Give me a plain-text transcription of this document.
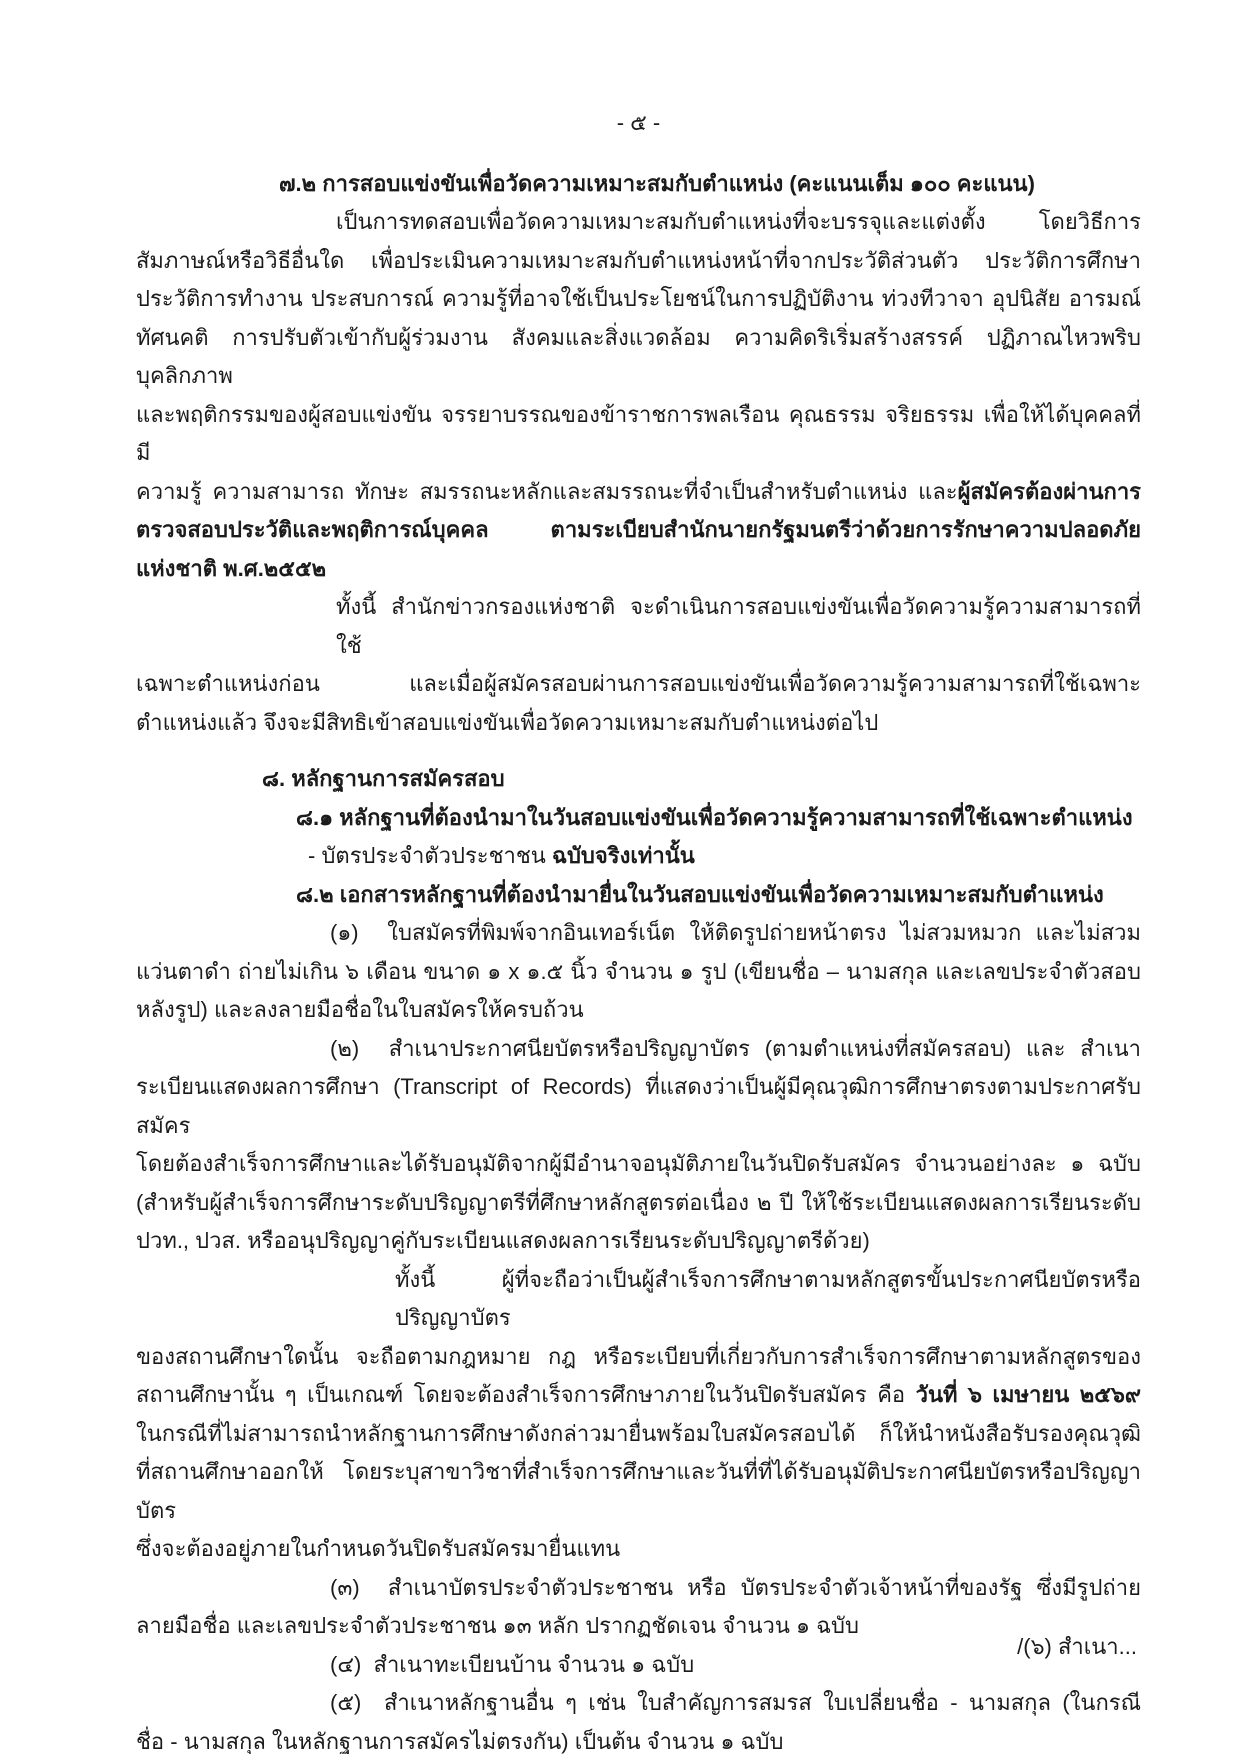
- ๕ -
๗.๒ การสอบแข่งขันเพื่อวัดความเหมาะสมกับตำแหน่ง (คะแนนเต็ม ๑๐๐ คะแนน)
เป็นการทดสอบเพื่อวัดความเหมาะสมกับตำแหน่งที่จะบรรจุและแต่งตั้ง โดยวิธีการ
สัมภาษณ์หรือวิธีอื่นใด เพื่อประเมินความเหมาะสมกับตำแหน่งหน้าที่จากประวัติส่วนตัว ประวัติการศึกษา
ประวัติการทำงาน ประสบการณ์ ความรู้ที่อาจใช้เป็นประโยชน์ในการปฏิบัติงาน ท่วงทีวาจา อุปนิสัย อารมณ์
ทัศนคติ การปรับตัวเข้ากับผู้ร่วมงาน สังคมและสิ่งแวดล้อม ความคิดริเริ่มสร้างสรรค์ ปฏิภาณไหวพริบ บุคลิกภาพ
และพฤติกรรมของผู้สอบแข่งขัน จรรยาบรรณของข้าราชการพลเรือน คุณธรรม จริยธรรม เพื่อให้ได้บุคคลที่มี
ความรู้ ความสามารถ ทักษะ สมรรถนะหลักและสมรรถนะที่จำเป็นสำหรับตำแหน่ง และผู้สมัครต้องผ่านการ
ตรวจสอบประวัติและพฤติการณ์บุคคล ตามระเบียบสำนักนายกรัฐมนตรีว่าด้วยการรักษาความปลอดภัย
แห่งชาติ พ.ศ.๒๕๕๒
ทั้งนี้ สำนักข่าวกรองแห่งชาติ จะดำเนินการสอบแข่งขันเพื่อวัดความรู้ความสามารถที่ใช้
เฉพาะตำแหน่งก่อน และเมื่อผู้สมัครสอบผ่านการสอบแข่งขันเพื่อวัดความรู้ความสามารถที่ใช้เฉพาะ
ตำแหน่งแล้ว จึงจะมีสิทธิเข้าสอบแข่งขันเพื่อวัดความเหมาะสมกับตำแหน่งต่อไป
๘. หลักฐานการสมัครสอบ
๘.๑ หลักฐานที่ต้องนำมาในวันสอบแข่งขันเพื่อวัดความรู้ความสามารถที่ใช้เฉพาะตำแหน่ง
- บัตรประจำตัวประชาชน ฉบับจริงเท่านั้น
๘.๒ เอกสารหลักฐานที่ต้องนำมายื่นในวันสอบแข่งขันเพื่อวัดความเหมาะสมกับตำแหน่ง
(๑)  ใบสมัครที่พิมพ์จากอินเทอร์เน็ต ให้ติดรูปถ่ายหน้าตรง ไม่สวมหมวก และไม่สวม
แว่นตาดำ ถ่ายไม่เกิน ๖ เดือน ขนาด ๑ x ๑.๕ นิ้ว จำนวน ๑ รูป (เขียนชื่อ – นามสกุล และเลขประจำตัวสอบ
หลังรูป) และลงลายมือชื่อในใบสมัครให้ครบถ้วน
(๒)  สำเนาประกาศนียบัตรหรือปริญญาบัตร (ตามตำแหน่งที่สมัครสอบ) และ สำเนา
ระเบียนแสดงผลการศึกษา (Transcript of Records) ที่แสดงว่าเป็นผู้มีคุณวุฒิการศึกษาตรงตามประกาศรับสมัคร
โดยต้องสำเร็จการศึกษาและได้รับอนุมัติจากผู้มีอำนาจอนุมัติภายในวันปิดรับสมัคร จำนวนอย่างละ ๑ ฉบับ
(สำหรับผู้สำเร็จการศึกษาระดับปริญญาตรีที่ศึกษาหลักสูตรต่อเนื่อง ๒ ปี ให้ใช้ระเบียนแสดงผลการเรียนระดับ
ปวท., ปวส. หรืออนุปริญญาคู่กับระเบียนแสดงผลการเรียนระดับปริญญาตรีด้วย)
ทั้งนี้ ผู้ที่จะถือว่าเป็นผู้สำเร็จการศึกษาตามหลักสูตรขั้นประกาศนียบัตรหรือปริญญาบัตร
ของสถานศึกษาใดนั้น จะถือตามกฎหมาย กฎ หรือระเบียบที่เกี่ยวกับการสำเร็จการศึกษาตามหลักสูตรของ
สถานศึกษานั้น ๆ เป็นเกณฑ์ โดยจะต้องสำเร็จการศึกษาภายในวันปิดรับสมัคร คือ วันที่ ๖ เมษายน ๒๕๖๙
ในกรณีที่ไม่สามารถนำหลักฐานการศึกษาดังกล่าวมายื่นพร้อมใบสมัครสอบได้ ก็ให้นำหนังสือรับรองคุณวุฒิ
ที่สถานศึกษาออกให้ โดยระบุสาขาวิชาที่สำเร็จการศึกษาและวันที่ที่ได้รับอนุมัติประกาศนียบัตรหรือปริญญาบัตร
ซึ่งจะต้องอยู่ภายในกำหนดวันปิดรับสมัครมายื่นแทน
(๓)  สำเนาบัตรประจำตัวประชาชน หรือ บัตรประจำตัวเจ้าหน้าที่ของรัฐ ซึ่งมีรูปถ่าย
ลายมือชื่อ และเลขประจำตัวประชาชน ๑๓ หลัก ปรากฏชัดเจน จำนวน ๑ ฉบับ
(๔)  สำเนาทะเบียนบ้าน จำนวน ๑ ฉบับ
(๕)  สำเนาหลักฐานอื่น ๆ เช่น ใบสำคัญการสมรส ใบเปลี่ยนชื่อ - นามสกุล (ในกรณี
ชื่อ - นามสกุล ในหลักฐานการสมัครไม่ตรงกัน) เป็นต้น จำนวน ๑ ฉบับ
/(๖) สำเนา...
